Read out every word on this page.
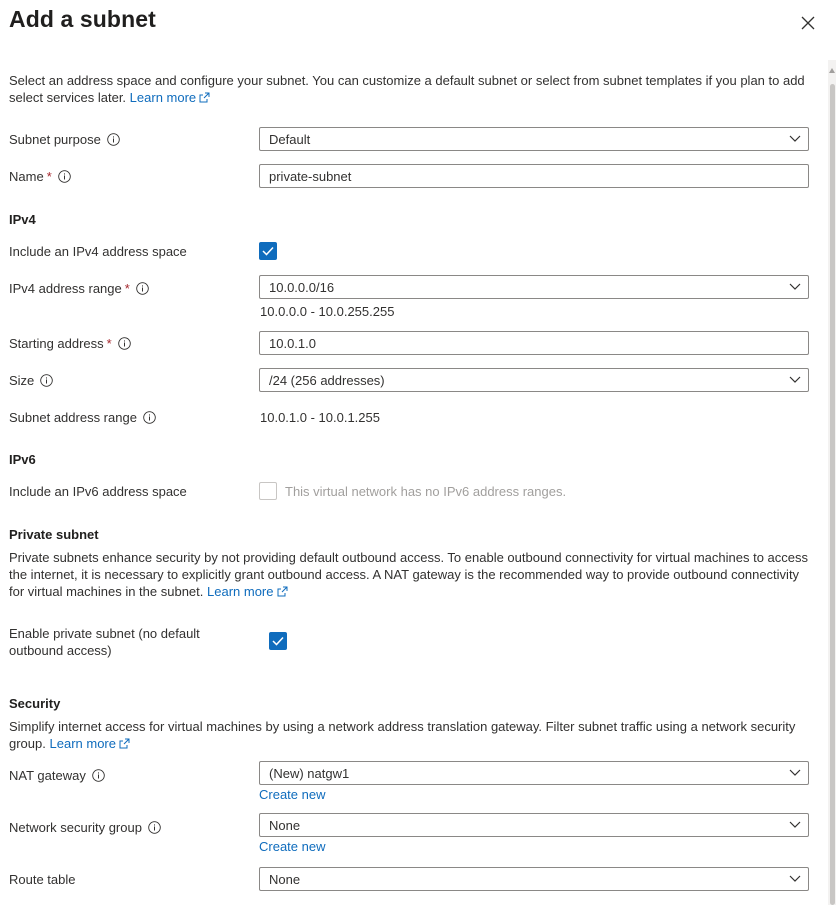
Add a subnet

Select an address space and configure your subnet. You can customize a default subnet or select from subnet templates if you plan to add select services later. Learn more

Subnet purpose	Default
Name *	private-subnet
IPv4
Include an IPv4 address space
IPv4 address range *	10.0.0.0/16
10.0.0.0 - 10.0.255.255
Starting address *	10.0.1.0
Size	/24 (256 addresses)
Subnet address range	10.0.1.0 - 10.0.1.255
IPv6
Include an IPv6 address space	This virtual network has no IPv6 address ranges.
Private subnet

Private subnets enhance security by not providing default outbound access. To enable outbound connectivity for virtual machines to access the internet, it is necessary to explicitly grant outbound access. A NAT gateway is the recommended way to provide outbound connectivity for virtual machines in the subnet. Learn more

Enable private subnet (no default outbound access)
Security

Simplify internet access for virtual machines by using a network address translation gateway. Filter subnet traffic using a network security group. Learn more

NAT gateway	(New) natgw1
Create new
Network security group	None
Create new
Route table	None
